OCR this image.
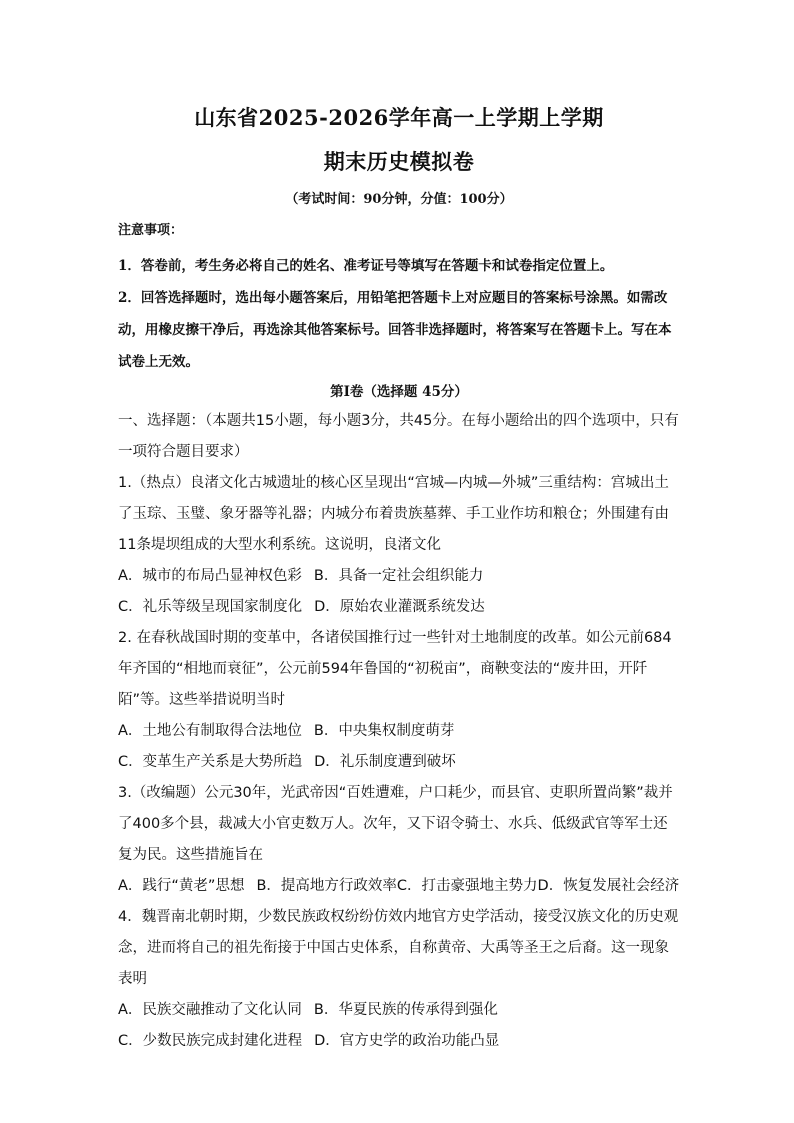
山东省2025-2026学年高一上学期上学期
期末历史模拟卷
（考试时间：90分钟，分值：100分）
注意事项：
1．答卷前，考生务必将自己的姓名、准考证号等填写在答题卡和试卷指定位置上。
2．回答选择题时，选出每小题答案后，用铅笔把答题卡上对应题目的答案标号涂黑。如需改动，用橡皮擦干净后，再选涂其他答案标号。回答非选择题时，将答案写在答题卡上。写在本试卷上无效。
第Ⅰ卷（选择题 45分）
一、选择题：（本题共15小题，每小题3分，共45分。在每小题给出的四个选项中，只有一项符合题目要求）
1.（热点）良渚文化古城遗址的核心区呈现出“宫城—内城—外城”三重结构：宫城出土了玉琮、玉璧、象牙器等礼器；内城分布着贵族墓葬、手工业作坊和粮仓；外围建有由11条堤坝组成的大型水利系统。这说明，良渚文化
A．城市的布局凸显神权色彩 B．具备一定社会组织能力
C．礼乐等级呈现国家制度化 D．原始农业灌溉系统发达
2. 在春秋战国时期的变革中，各诸侯国推行过一些针对土地制度的改革。如公元前684年齐国的“相地而衰征”，公元前594年鲁国的“初税亩”，商鞅变法的“废井田，开阡陌”等。这些举措说明当时
A．土地公有制取得合法地位 B．中央集权制度萌芽
C．变革生产关系是大势所趋 D．礼乐制度遭到破坏
3.（改编题）公元30年，光武帝因“百姓遭难，户口耗少，而县官、吏职所置尚繁”裁并了400多个县，裁减大小官吏数万人。次年，又下诏令骑士、水兵、低级武官等军士还复为民。这些措施旨在
A．践行“黄老”思想 B．提高地方行政效率C．打击豪强地主势力D．恢复发展社会经济
4．魏晋南北朝时期，少数民族政权纷纷仿效内地官方史学活动，接受汉族文化的历史观念，进而将自己的祖先衔接于中国古史体系，自称黄帝、大禹等圣王之后裔。这一现象表明
A．民族交融推动了文化认同 B．华夏民族的传承得到强化
C．少数民族完成封建化进程 D．官方史学的政治功能凸显
